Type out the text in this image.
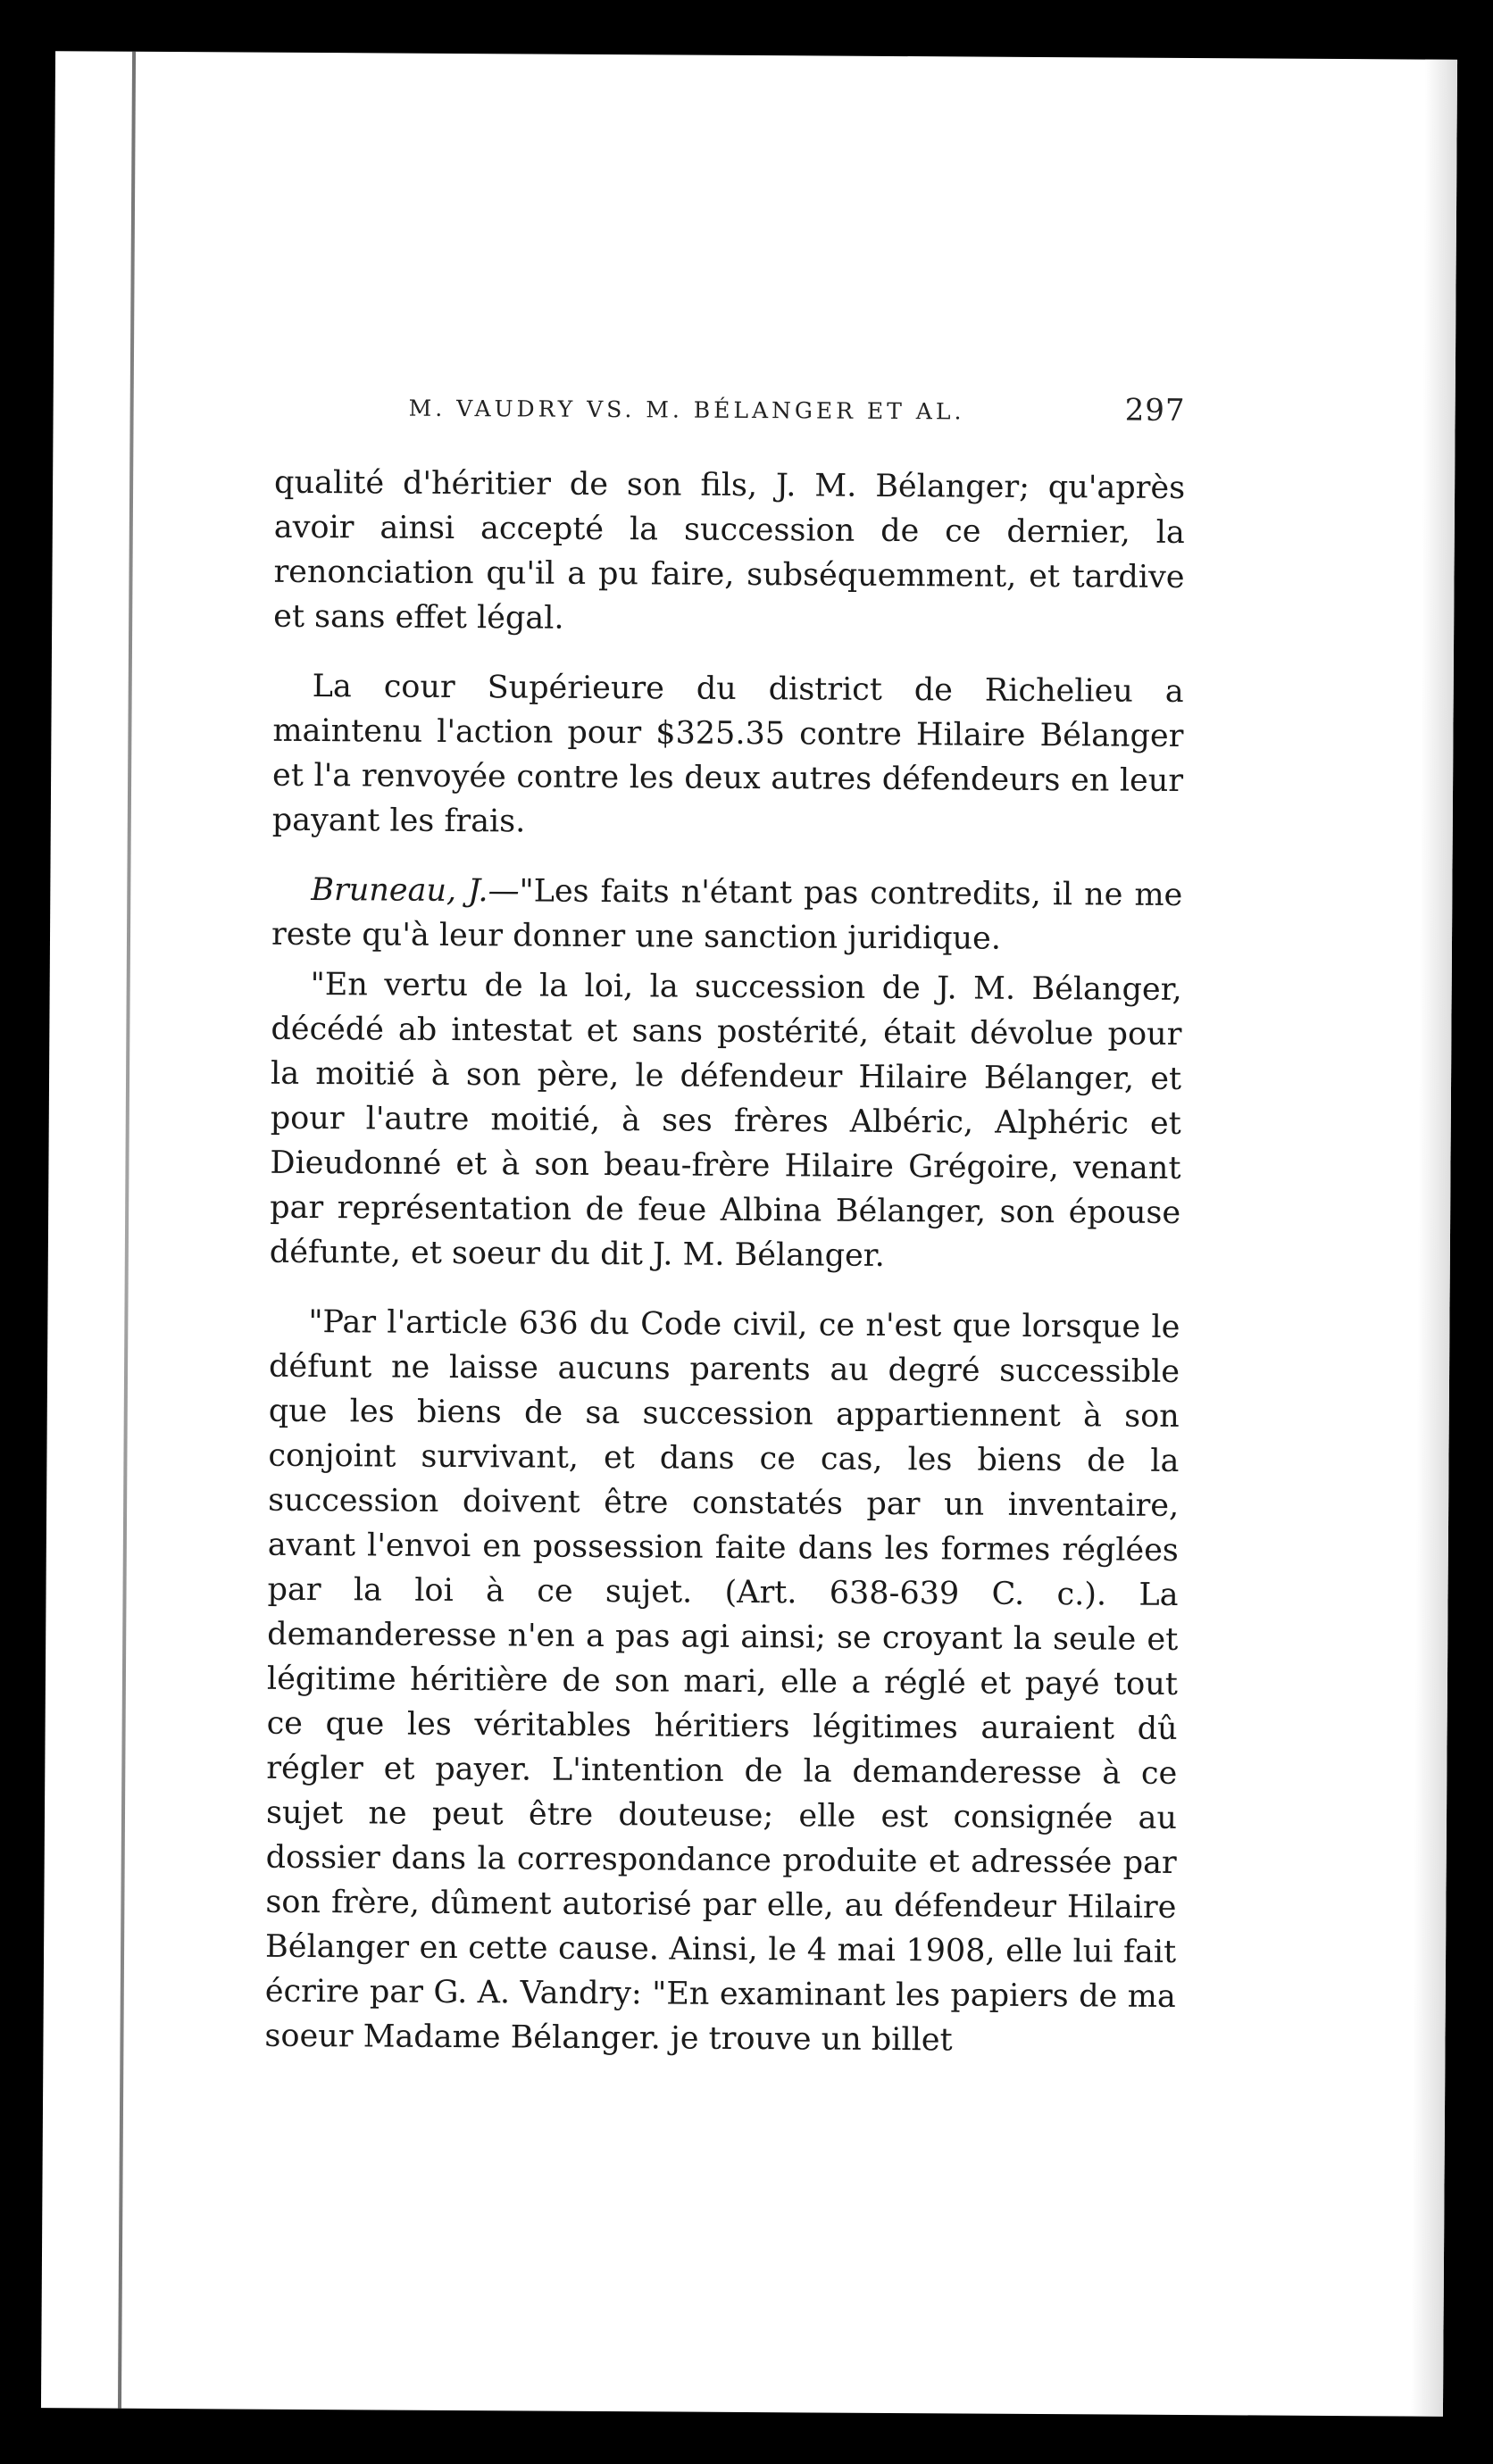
M. VAUDRY VS. M. BÉLANGER ET AL.	297

qualité d'héritier de son fils, J. M. Bélanger; qu'après avoir ainsi accepté la succession de ce dernier, la renonciation qu'il a pu faire, subséquemment, et tardive et sans effet légal.

La cour Supérieure du district de Richelieu a maintenu l'action pour $325.35 contre Hilaire Bélanger et l'a renvoyée contre les deux autres défendeurs en leur payant les frais.

Bruneau, J.—"Les faits n'étant pas contredits, il ne me reste qu'à leur donner une sanction juridique.

"En vertu de la loi, la succession de J. M. Bélanger, décédé ab intestat et sans postérité, était dévolue pour la moitié à son père, le défendeur Hilaire Bélanger, et pour l'autre moitié, à ses frères Albéric, Alphéric et Dieudonné et à son beau-frère Hilaire Grégoire, venant par représentation de feue Albina Bélanger, son épouse défunte, et soeur du dit J. M. Bélanger.

"Par l'article 636 du Code civil, ce n'est que lorsque le défunt ne laisse aucuns parents au degré successible que les biens de sa succession appartiennent à son conjoint survivant, et dans ce cas, les biens de la succession doivent être constatés par un inventaire, avant l'envoi en possession faite dans les formes réglées par la loi à ce sujet. (Art. 638-639 C. c.). La demanderesse n'en a pas agi ainsi; se croyant la seule et légitime héritière de son mari, elle a réglé et payé tout ce que les véritables héritiers légitimes auraient dû régler et payer. L'intention de la demanderesse à ce sujet ne peut être douteuse; elle est consignée au dossier dans la correspondance produite et adressée par son frère, dûment autorisé par elle, au défendeur Hilaire Bélanger en cette cause. Ainsi, le 4 mai 1908, elle lui fait écrire par G. A. Vandry: "En examinant les papiers de ma soeur Madame Bélanger. je trouve un billet
